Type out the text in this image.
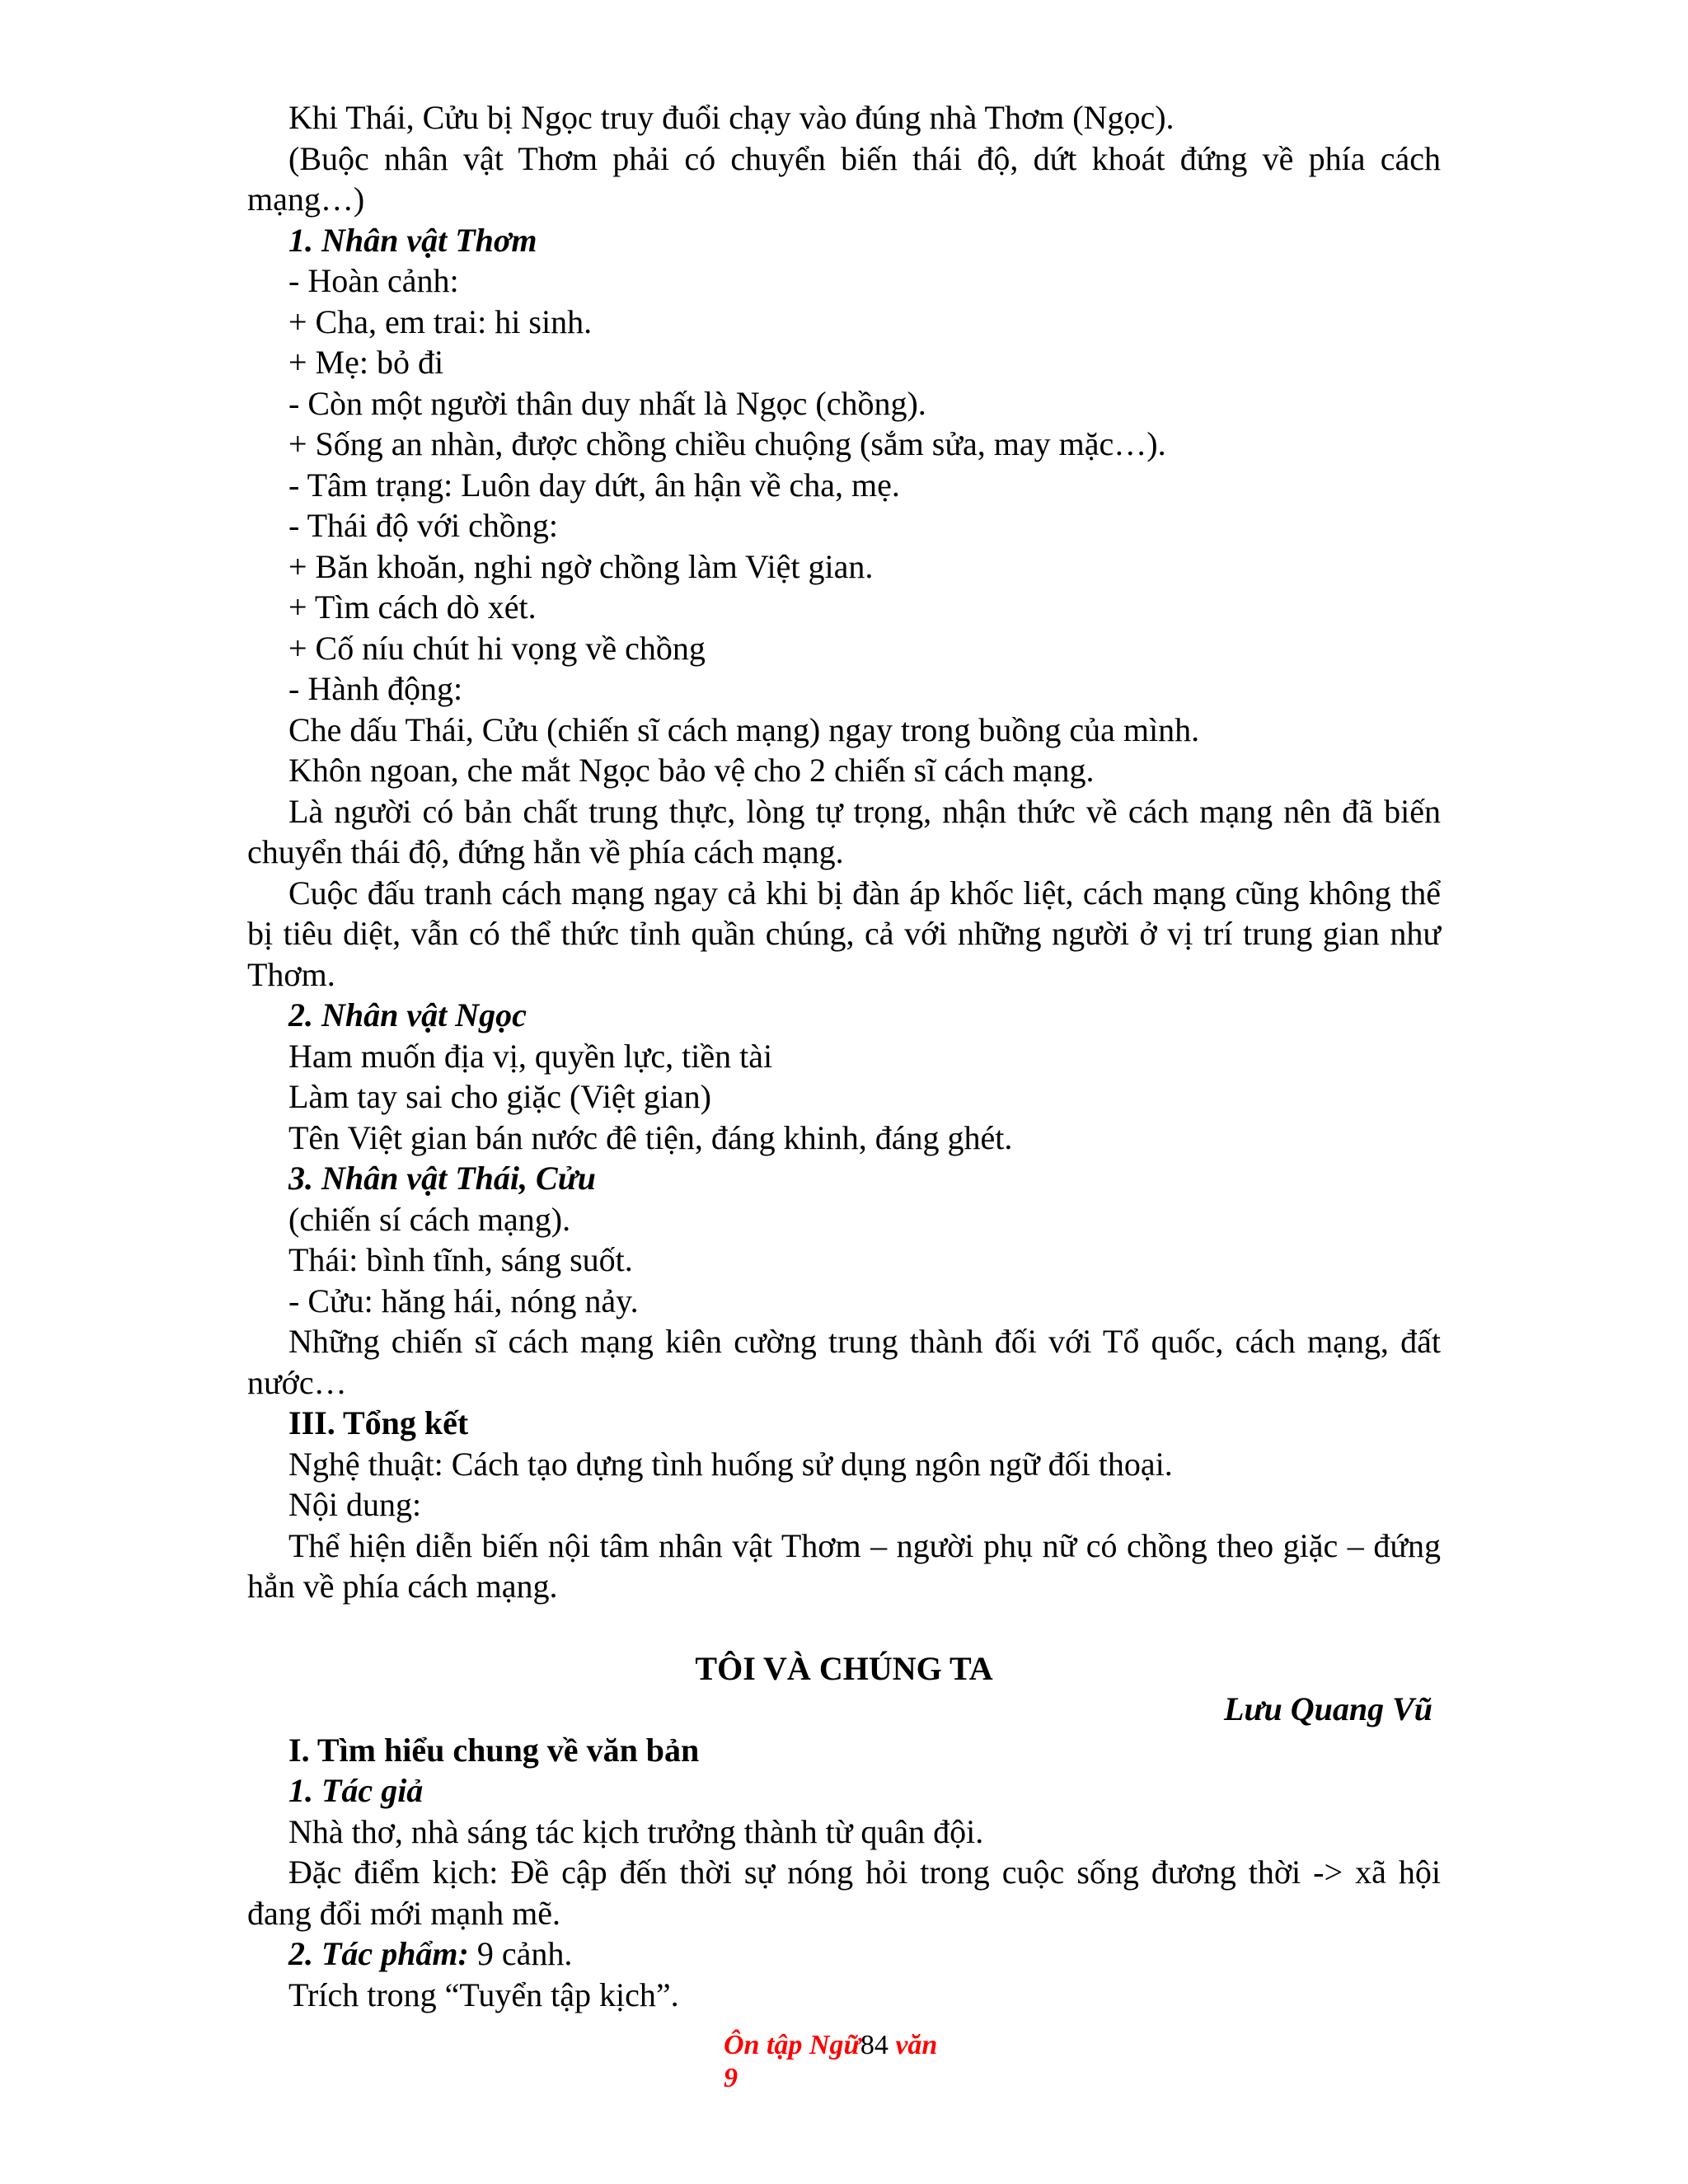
Khi Thái, Cửu bị Ngọc truy đuổi chạy vào đúng nhà Thơm (Ngọc).

(Buộc nhân vật Thơm phải có chuyển biến thái độ, dứt khoát đứng về phía cách mạng…)

1. Nhân vật Thơm

- Hoàn cảnh:

+ Cha, em trai: hi sinh.

+ Mẹ: bỏ đi

- Còn một người thân duy nhất là Ngọc (chồng).

+ Sống an nhàn, được chồng chiều chuộng (sắm sửa, may mặc…).

- Tâm trạng: Luôn day dứt, ân hận về cha, mẹ.

- Thái độ với chồng:

+ Băn khoăn, nghi ngờ chồng làm Việt gian.

+ Tìm cách dò xét.

+ Cố níu chút hi vọng về chồng

- Hành động:

Che dấu Thái, Cửu (chiến sĩ cách mạng) ngay trong buồng của mình.

Khôn ngoan, che mắt Ngọc bảo vệ cho 2 chiến sĩ cách mạng.

Là người có bản chất trung thực, lòng tự trọng, nhận thức về cách mạng nên đã biến chuyển thái độ, đứng hẳn về phía cách mạng.

Cuộc đấu tranh cách mạng ngay cả khi bị đàn áp khốc liệt, cách mạng cũng không thể bị tiêu diệt, vẫn có thể thức tỉnh quần chúng, cả với những người ở vị trí trung gian như Thơm.

2. Nhân vật Ngọc

Ham muốn địa vị, quyền lực, tiền tài

Làm tay sai cho giặc (Việt gian)

Tên Việt gian bán nước đê tiện, đáng khinh, đáng ghét.

3. Nhân vật Thái, Cửu

(chiến sí cách mạng).

Thái: bình tĩnh, sáng suốt.

- Cửu: hăng hái, nóng nảy.

Những chiến sĩ cách mạng kiên cường trung thành đối với Tổ quốc, cách mạng, đất nước…

III. Tổng kết

Nghệ thuật: Cách tạo dựng tình huống sử dụng ngôn ngữ đối thoại.

Nội dung:

Thể hiện diễn biến nội tâm nhân vật Thơm – người phụ nữ có chồng theo giặc – đứng hẳn về phía cách mạng.

TÔI VÀ CHÚNG TA

Lưu Quang Vũ

I. Tìm hiểu chung về văn bản

1. Tác giả

Nhà thơ, nhà sáng tác kịch trưởng thành từ quân đội.

Đặc điểm kịch: Đề cập đến thời sự nóng hỏi trong cuộc sống đương thời -> xã hội đang đổi mới mạnh mẽ.

2. Tác phẩm: 9 cảnh.

Trích trong “Tuyển tập kịch”.

Ôn tập Ngữ84 văn
9
